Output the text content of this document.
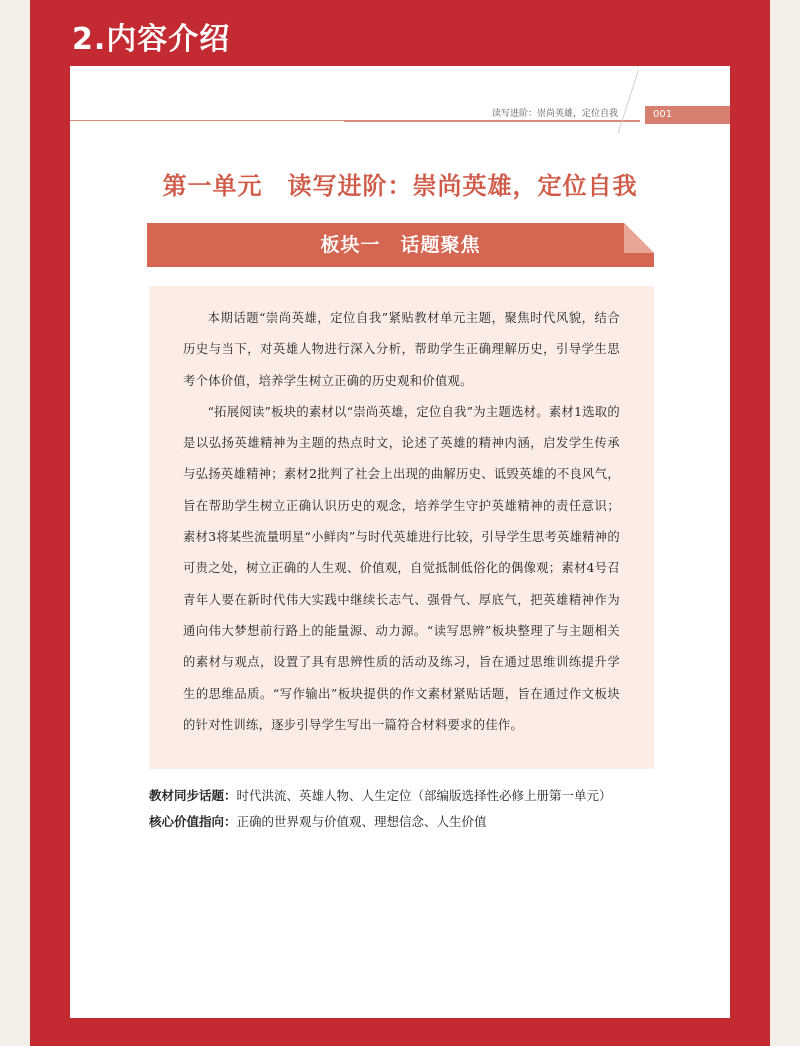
2.内容介绍
读写进阶：崇尚英雄，定位自我	001
第一单元　读写进阶：崇尚英雄，定位自我
板块一　话题聚焦

本期话题“崇尚英雄，定位自我”紧贴教材单元主题，聚焦时代风貌，结合历史与当下，对英雄人物进行深入分析，帮助学生正确理解历史，引导学生思考个体价值，培养学生树立正确的历史观和价值观。

“拓展阅读”板块的素材以“崇尚英雄，定位自我”为主题选材。素材1选取的是以弘扬英雄精神为主题的热点时文，论述了英雄的精神内涵，启发学生传承与弘扬英雄精神；素材2批判了社会上出现的曲解历史、诋毁英雄的不良风气，旨在帮助学生树立正确认识历史的观念，培养学生守护英雄精神的责任意识；素材3将某些流量明星“小鲜肉”与时代英雄进行比较，引导学生思考英雄精神的可贵之处，树立正确的人生观、价值观，自觉抵制低俗化的偶像观；素材4号召青年人要在新时代伟大实践中继续长志气、强骨气、厚底气，把英雄精神作为通向伟大梦想前行路上的能量源、动力源。“读写思辨”板块整理了与主题相关的素材与观点，设置了具有思辨性质的活动及练习，旨在通过思维训练提升学生的思维品质。“写作输出”板块提供的作文素材紧贴话题，旨在通过作文板块的针对性训练，逐步引导学生写出一篇符合材料要求的佳作。

教材同步话题：时代洪流、英雄人物、人生定位（部编版选择性必修上册第一单元）
核心价值指向：正确的世界观与价值观、理想信念、人生价值
